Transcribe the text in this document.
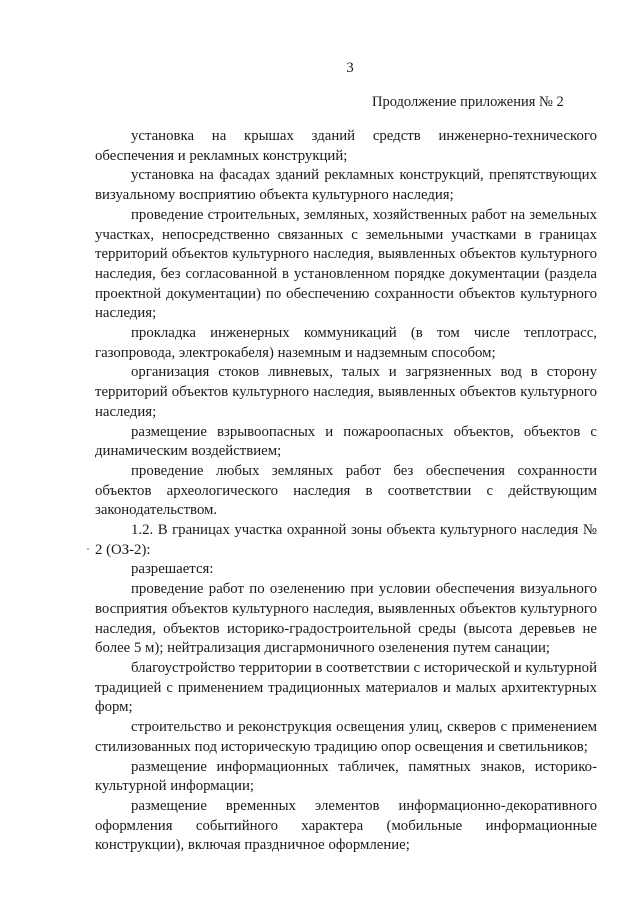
3
Продолжение приложения № 2

установка на крышах зданий средств инженерно-технического обеспечения и рекламных конструкций;

установка на фасадах зданий рекламных конструкций, препятствующих визуальному восприятию объекта культурного наследия;

проведение строительных, земляных, хозяйственных работ на земельных участках, непосредственно связанных с земельными участками в границах территорий объектов культурного наследия, выявленных объектов культурного наследия, без согласованной в установленном порядке документации (раздела проектной документации) по обеспечению сохранности объектов культурного наследия;

прокладка инженерных коммуникаций (в том числе теплотрасс, газопровода, электрокабеля) наземным и надземным способом;

организация стоков ливневых, талых и загрязненных вод в сторону территорий объектов культурного наследия, выявленных объектов культурного наследия;

размещение взрывоопасных и пожароопасных объектов, объектов с динамическим воздействием;

проведение любых земляных работ без обеспечения сохранности объектов археологического наследия в соответствии с действующим законодательством.

1.2. В границах участка охранной зоны объекта культурного наследия № 2 (ОЗ-2):

разрешается:

проведение работ по озеленению при условии обеспечения визуального восприятия объектов культурного наследия, выявленных объектов культурного наследия, объектов историко-градостроительной среды (высота деревьев не более 5 м); нейтрализация дисгармоничного озеленения путем санации;

благоустройство территории в соответствии с исторической и культурной традицией с применением традиционных материалов и малых архитектурных форм;

строительство и реконструкция освещения улиц, скверов с применением стилизованных под историческую традицию опор освещения и светильников;

размещение информационных табличек, памятных знаков, историко-культурной информации;

размещение временных элементов информационно-декоративного оформления событийного характера (мобильные информационные конструкции), включая праздничное оформление;
